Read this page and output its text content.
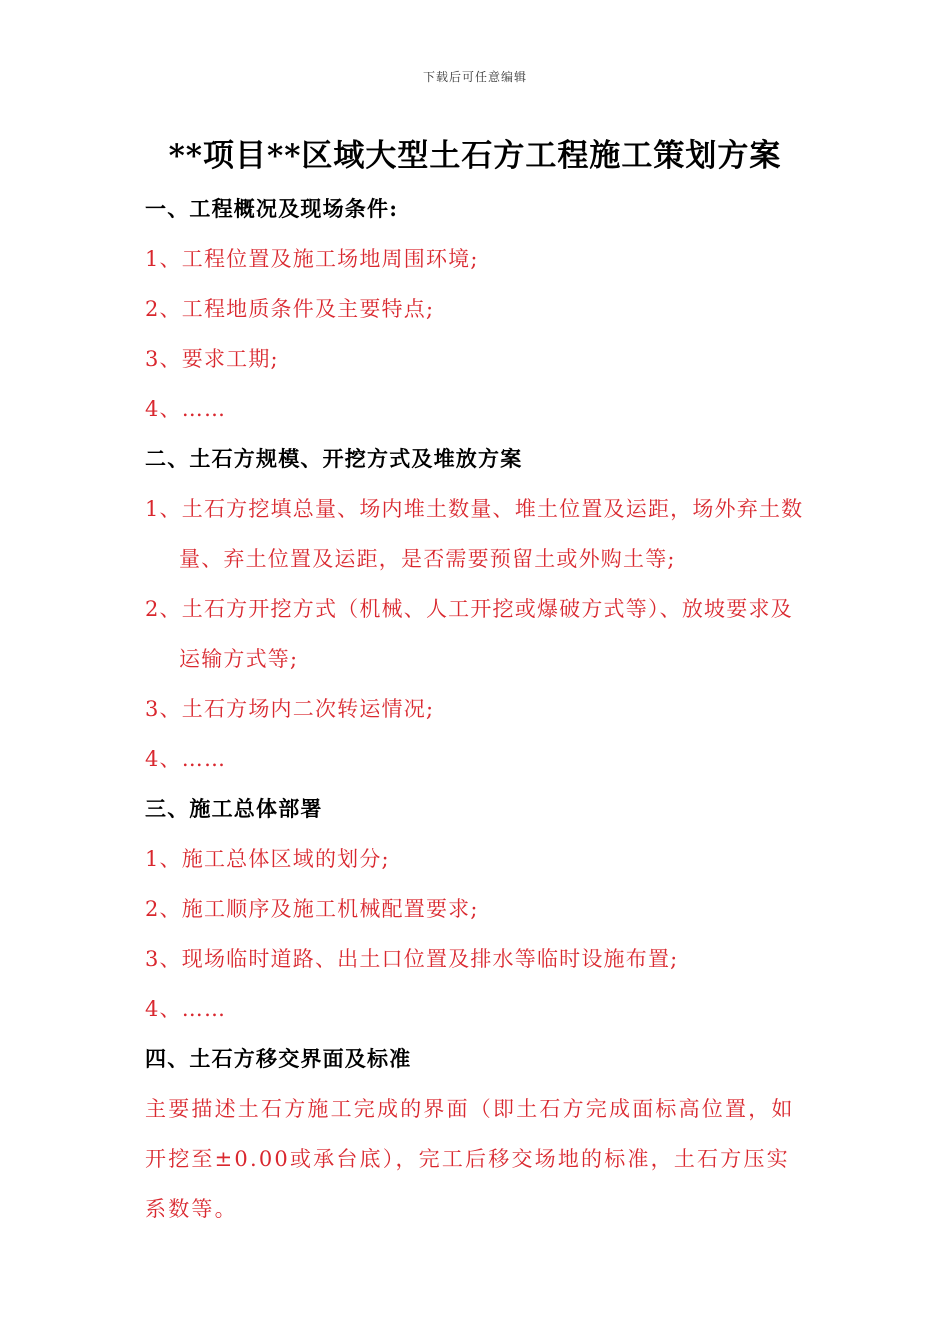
下载后可任意编辑
**项目**区域大型土石方工程施工策划方案
一、工程概况及现场条件:
1、工程位置及施工场地周围环境;
2、工程地质条件及主要特点;
3、要求工期;
4、……
二、土石方规模、开挖方式及堆放方案
1、土石方挖填总量、场内堆土数量、堆土位置及运距，场外弃土数
量、弃土位置及运距，是否需要预留土或外购土等;
2、土石方开挖方式（机械、人工开挖或爆破方式等）、放坡要求及
运输方式等;
3、土石方场内二次转运情况;
4、……
三、施工总体部署
1、施工总体区域的划分;
2、施工顺序及施工机械配置要求;
3、现场临时道路、出土口位置及排水等临时设施布置;
4、……
四、土石方移交界面及标准
主要描述土石方施工完成的界面（即土石方完成面标高位置，如开挖至±0.00或承台底），完工后移交场地的标准，土石方压实系数等。
